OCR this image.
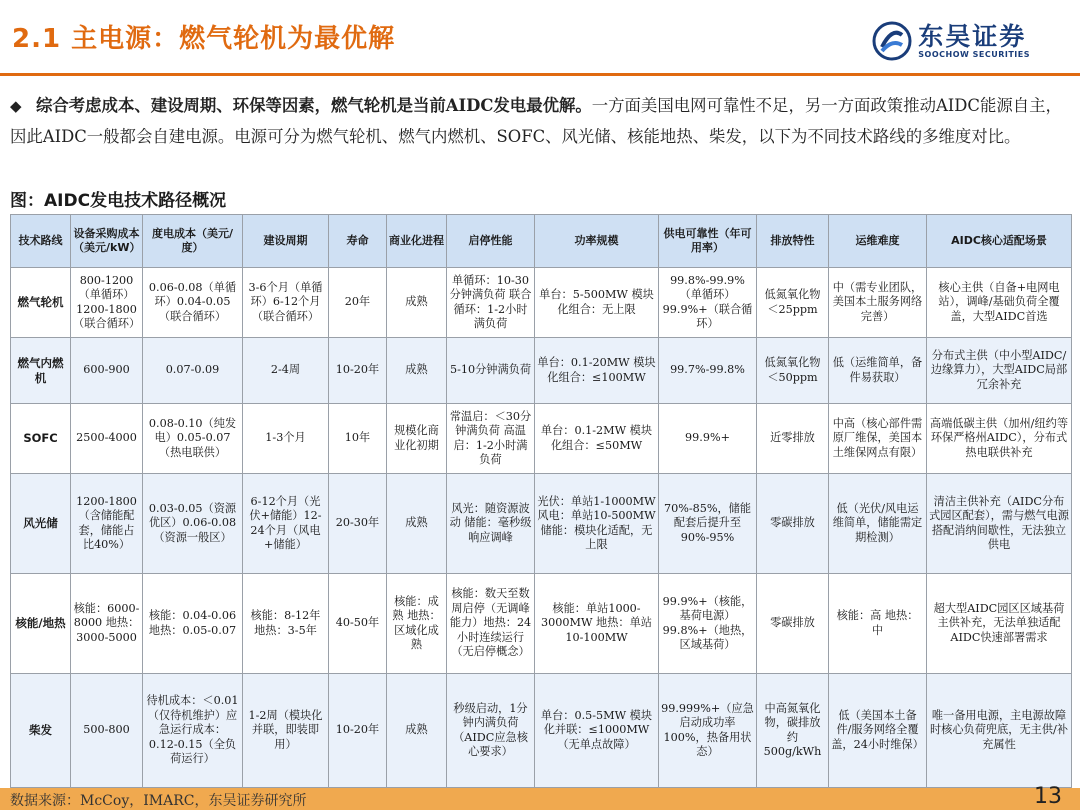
2.1 主电源：燃气轮机为最优解	东吴证券
SOOCHOW SECURITIES
◆ 综合考虑成本、建设周期、环保等因素，燃气轮机是当前AIDC发电最优解。一方面美国电网可靠性不足，另一方面政策推动AIDC能源自主，因此AIDC一般都会自建电源。电源可分为燃气轮机、燃气内燃机、SOFC、风光储、核能地热、柴发，以下为不同技术路线的多维度对比。
图：AIDC发电技术路径概况
技术路线	设备采购成本（美元/kW）	度电成本（美元/度）	建设周期	寿命	商业化进程	启停性能	功率规模	供电可靠性（年可用率）	排放特性	运维难度	AIDC核心适配场景
燃气轮机	800-1200（单循环）1200-1800（联合循环）	0.06-0.08（单循环）0.04-0.05（联合循环）	3-6个月（单循环）6-12个月（联合循环）	20年	成熟	单循环：10-30分钟满负荷 联合循环：1-2小时满负荷	单台：5-500MW 模块化组合：无上限	99.8%-99.9%（单循环）99.9%+（联合循环）	低氮氧化物＜25ppm	中（需专业团队，美国本土服务网络完善）	核心主供（自备+电网电站），调峰/基础负荷全覆盖，大型AIDC首选
燃气内燃机	600-900	0.07-0.09	2-4周	10-20年	成熟	5-10分钟满负荷	单台：0.1-20MW 模块化组合：≤100MW	99.7%-99.8%	低氮氧化物＜50ppm	低（运维简单，备件易获取）	分布式主供（中小型AIDC/边缘算力），大型AIDC局部冗余补充
SOFC	2500-4000	0.08-0.10（纯发电）0.05-0.07（热电联供）	1-3个月	10年	规模化商业化初期	常温启：＜30分钟满负荷 高温启：1-2小时满负荷	单台：0.1-2MW 模块化组合：≤50MW	99.9%+	近零排放	中高（核心部件需原厂维保，美国本土维保网点有限）	高端低碳主供（加州/纽约等环保严格州AIDC），分布式热电联供补充
风光储	1200-1800（含储能配套，储能占比40%）	0.03-0.05（资源优区）0.06-0.08（资源一般区）	6-12个月（光伏+储能）12-24个月（风电+储能）	20-30年	成熟	风光：随资源波动 储能：毫秒级响应调峰	光伏：单站1-1000MW 风电：单站10-500MW 储能：模块化适配，无上限	70%-85%，储能配套后提升至90%-95%	零碳排放	低（光伏/风电运维简单，储能需定期检测）	清洁主供补充（AIDC分布式园区配套），需与燃气电源搭配消纳间歇性，无法独立供电
核能/地热	核能：6000-8000 地热：3000-5000	核能：0.04-0.06 地热：0.05-0.07	核能：8-12年 地热：3-5年	40-50年	核能：成熟 地热：区域化成熟	核能：数天至数周启停（无调峰能力）地热：24小时连续运行（无启停概念）	核能：单站1000-3000MW 地热：单站10-100MW	99.9%+（核能，基荷电源）99.8%+（地热，区域基荷）	零碳排放	核能：高 地热：中	超大型AIDC园区区域基荷主供补充，无法单独适配AIDC快速部署需求
柴发	500-800	待机成本：＜0.01（仅待机维护）应急运行成本：0.12-0.15（全负荷运行）	1-2周（模块化并联，即装即用）	10-20年	成熟	秒级启动，1分钟内满负荷（AIDC应急核心要求）	单台：0.5-5MW 模块化并联：≤1000MW（无单点故障）	99.999%+（应急启动成功率100%，热备用状态）	中高氮氧化物，碳排放约500g/kWh	低（美国本土备件/服务网络全覆盖，24小时维保）	唯一备用电源，主电源故障时核心负荷兜底，无主供/补充属性
数据来源：McCoy，IMARC，东吴证券研究所	13
